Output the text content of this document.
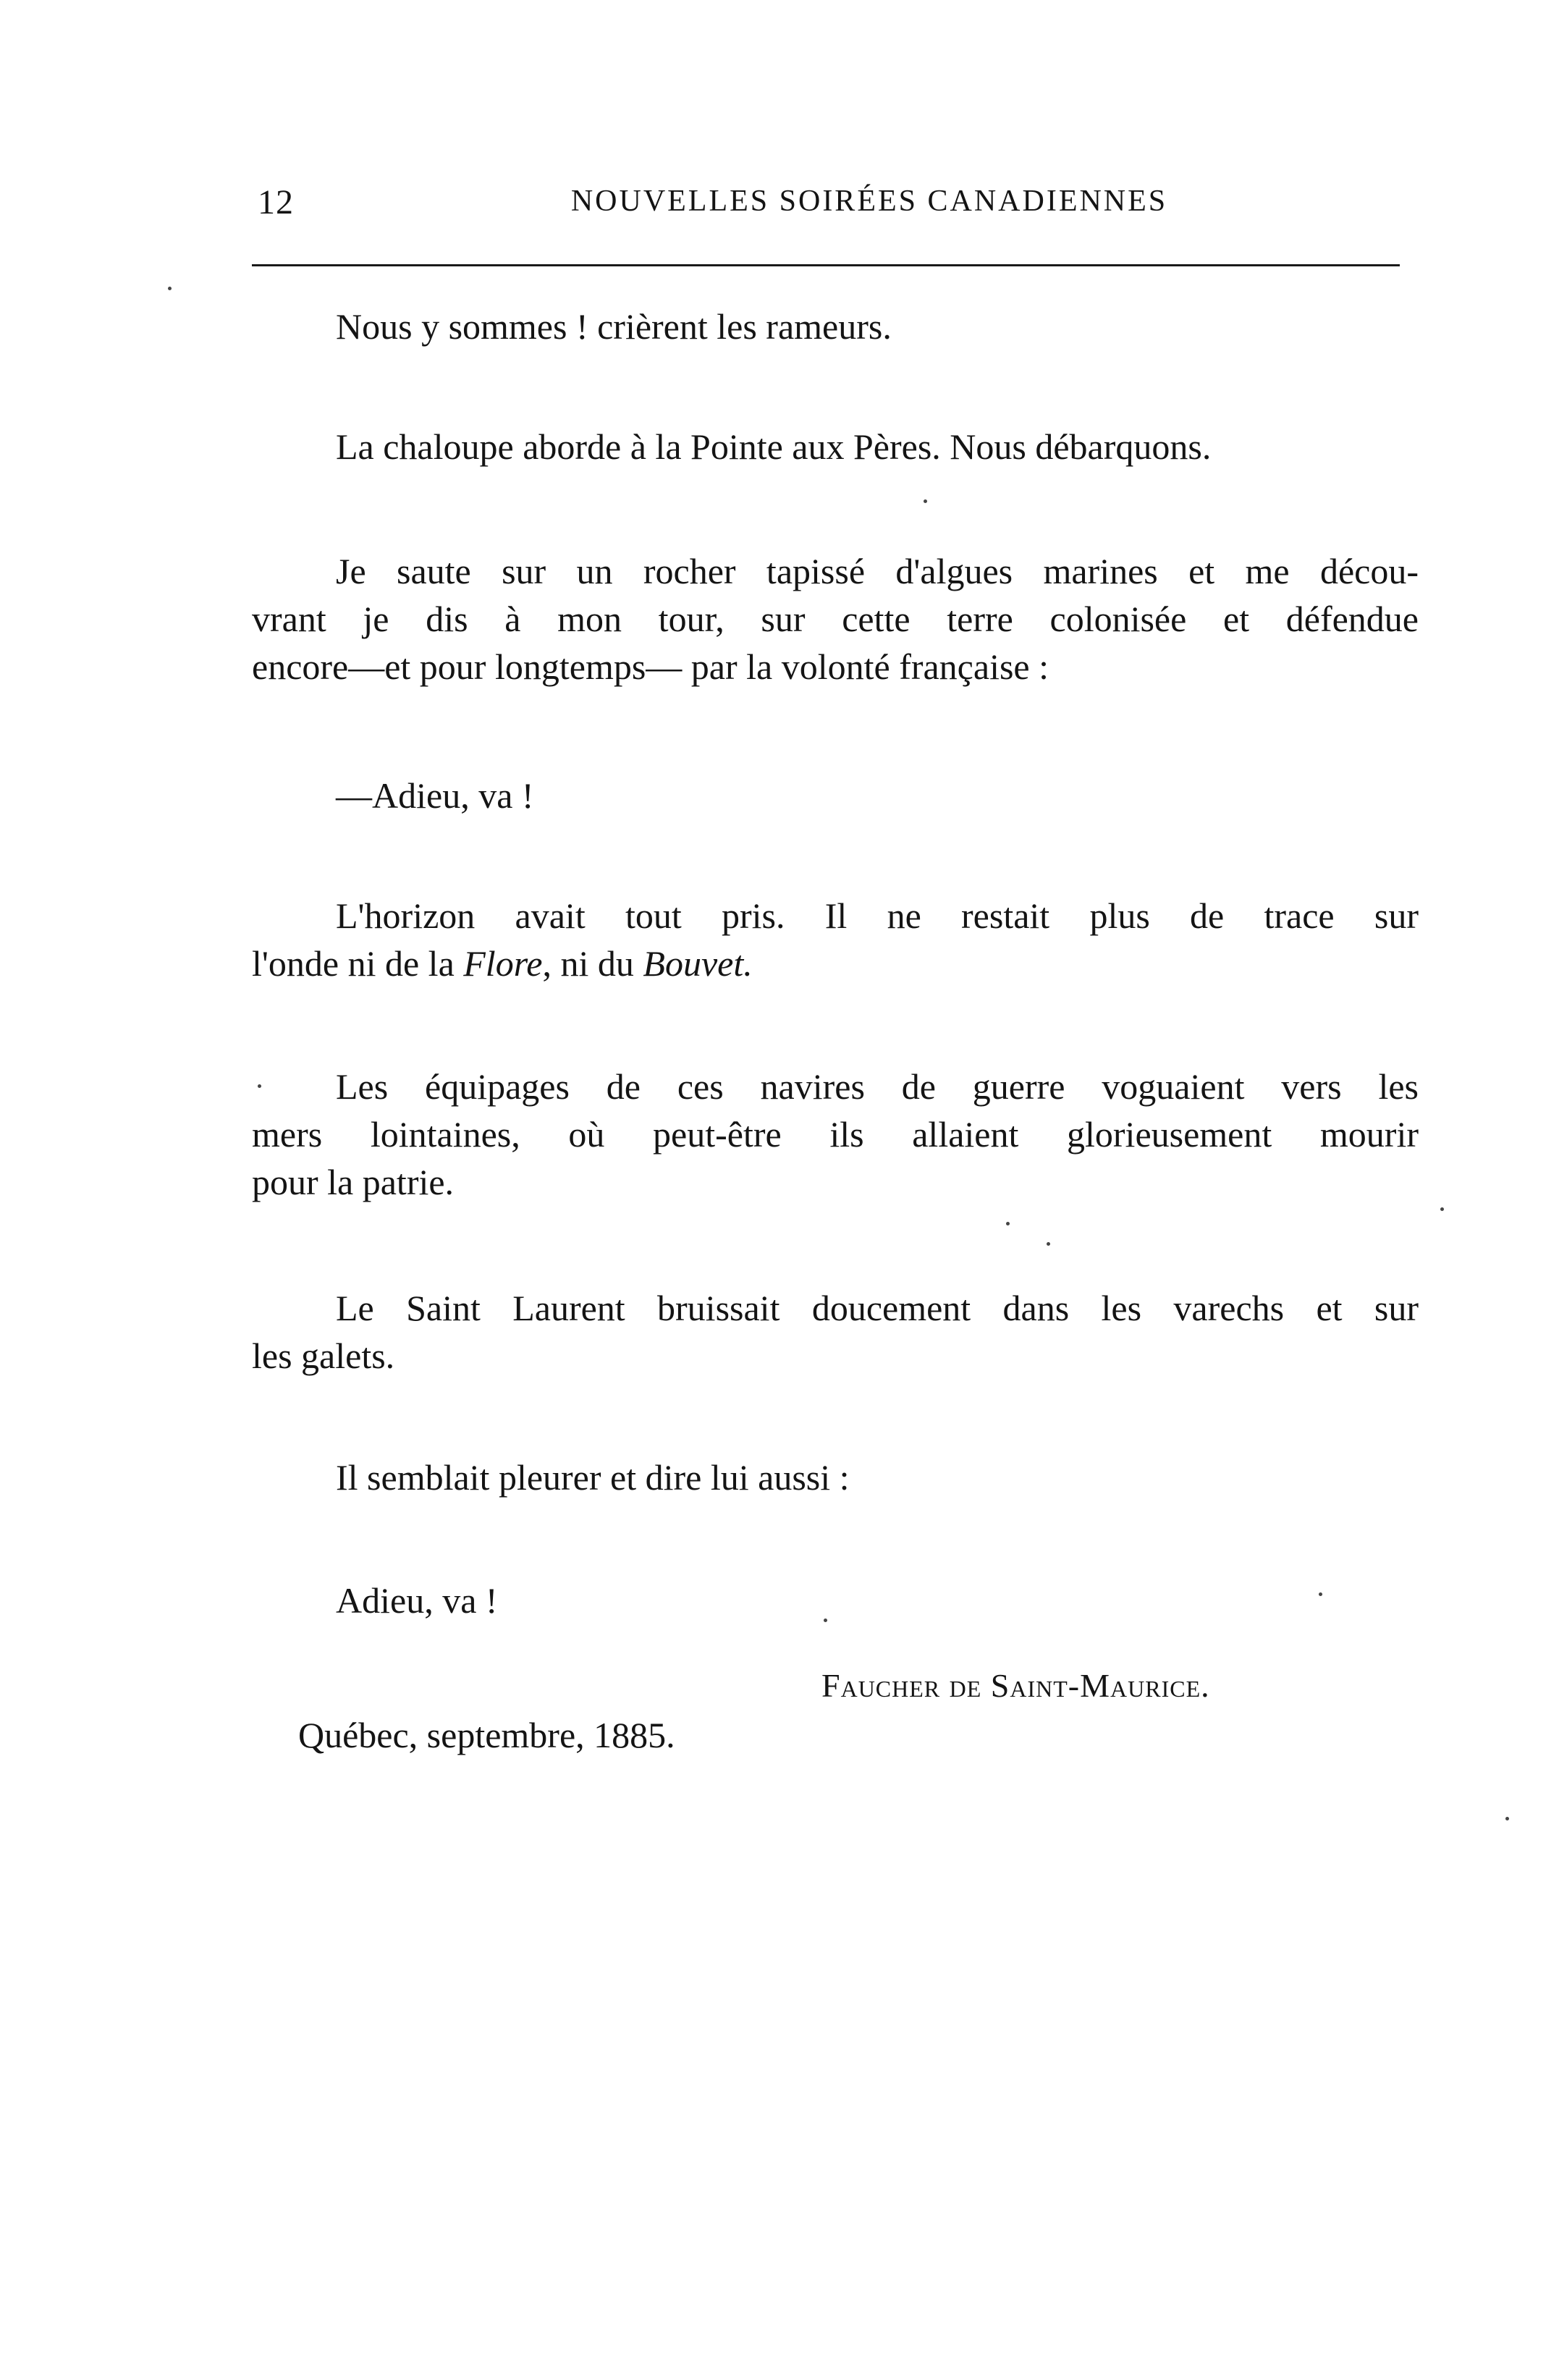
12	NOUVELLES SOIRÉES CANADIENNES

Nous y sommes ! crièrent les rameurs.

La chaloupe aborde à la Pointe aux Pères. Nous débarquons.

Je saute sur un rocher tapissé d'algues marines et me décou-
vrant je dis à mon tour, sur cette terre colonisée et défendue
encore—et pour longtemps— par la volonté française :

—Adieu, va !

L'horizon avait tout pris. Il ne restait plus de trace sur
l'onde ni de la Flore, ni du Bouvet.

Les équipages de ces navires de guerre voguaient vers les
mers lointaines, où peut-être ils allaient glorieusement mourir
pour la patrie.

Le Saint Laurent bruissait doucement dans les varechs et sur
les galets.

Il semblait pleurer et dire lui aussi :

Adieu, va !

Faucher de Saint-Maurice.
Québec, septembre, 1885.
